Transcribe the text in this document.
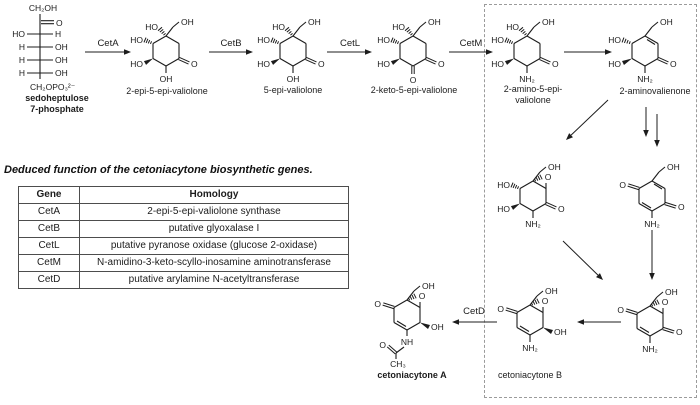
CH₂OH
O
HO	H
H	OH
H	OH
H	OH
CH₂OPO₃²⁻
OH
HO
HO
HO
OH
O
OH
HO
HO
HO
OH
O
OH
HO
HO
HO
O
O
OH
HO
HO
HO
NH₂
O
OH
HO
HO
NH₂
O
OH
O
HO
HO
NH₂
O
OH
O
O
NH₂
OH
O
O
O
NH₂
OH
O
O
OH
NH₂
OH
O
O
OH
NH
O
CH₃
CetA	CetB	CetL	CetM
CetD
sedoheptulose
7-phosphate
2-epi-5-epi-valiolone	5-epi-valiolone	2-keto-5-epi-valiolone	2-amino-5-epi-
valiolone
2-aminovalienone
cetoniacytone B
cetoniacytone A
Deduced function of the cetoniacytone biosynthetic genes.
Gene	Homology
CetA	2-epi-5-epi-valiolone synthase
CetB	putative glyoxalase I
CetL	putative pyranose oxidase (glucose 2-oxidase)
CetM	N-amidino-3-keto-scyllo-inosamine aminotransferase
CetD	putative arylamine N-acetyltransferase
